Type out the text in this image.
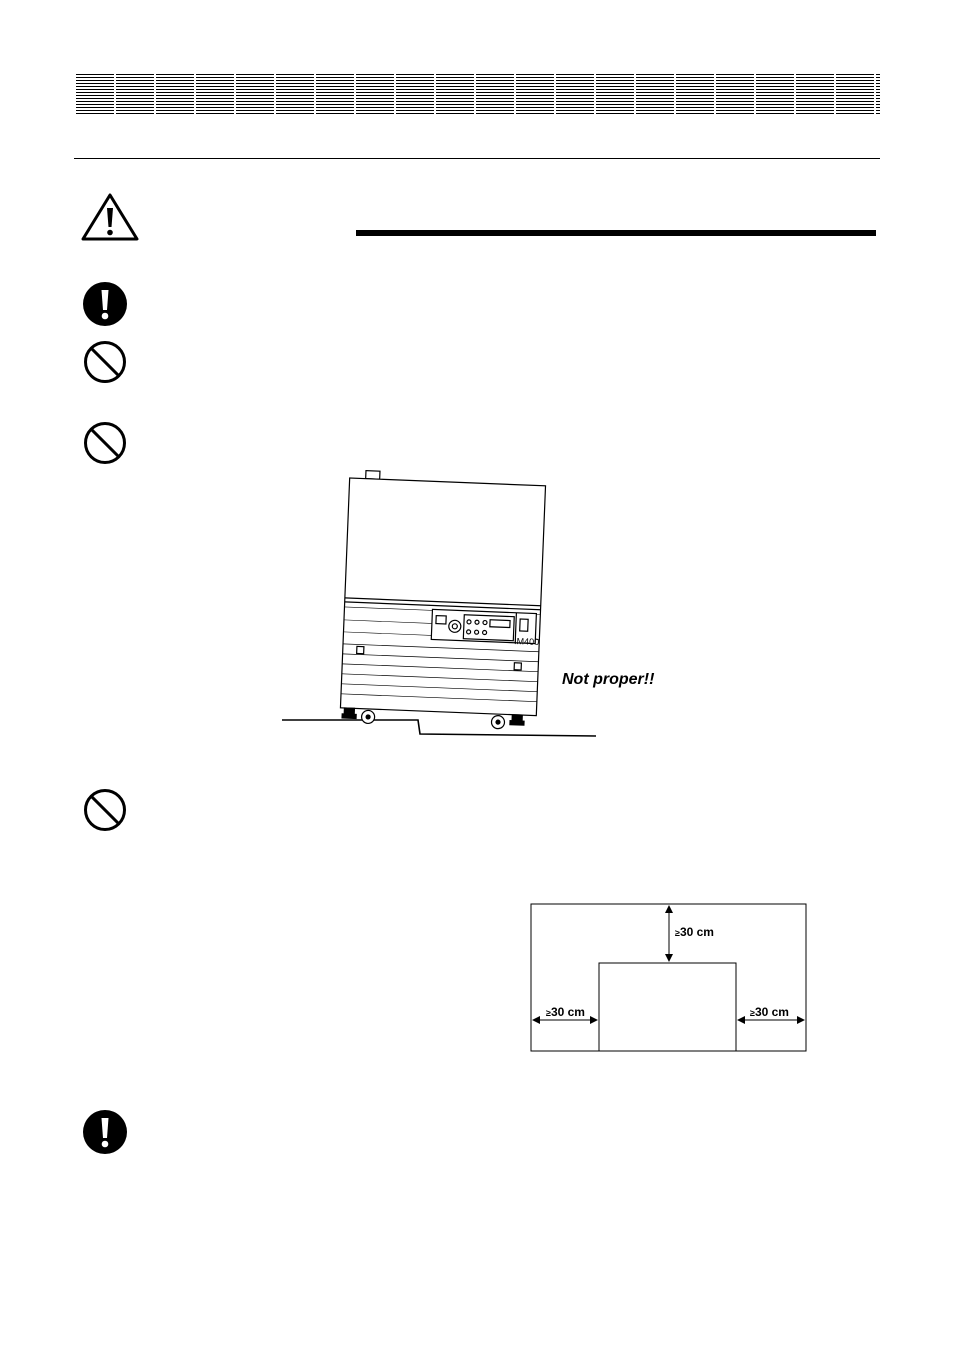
IM400
Not proper!!
≥30 cm
≥30 cm	≥30 cm
